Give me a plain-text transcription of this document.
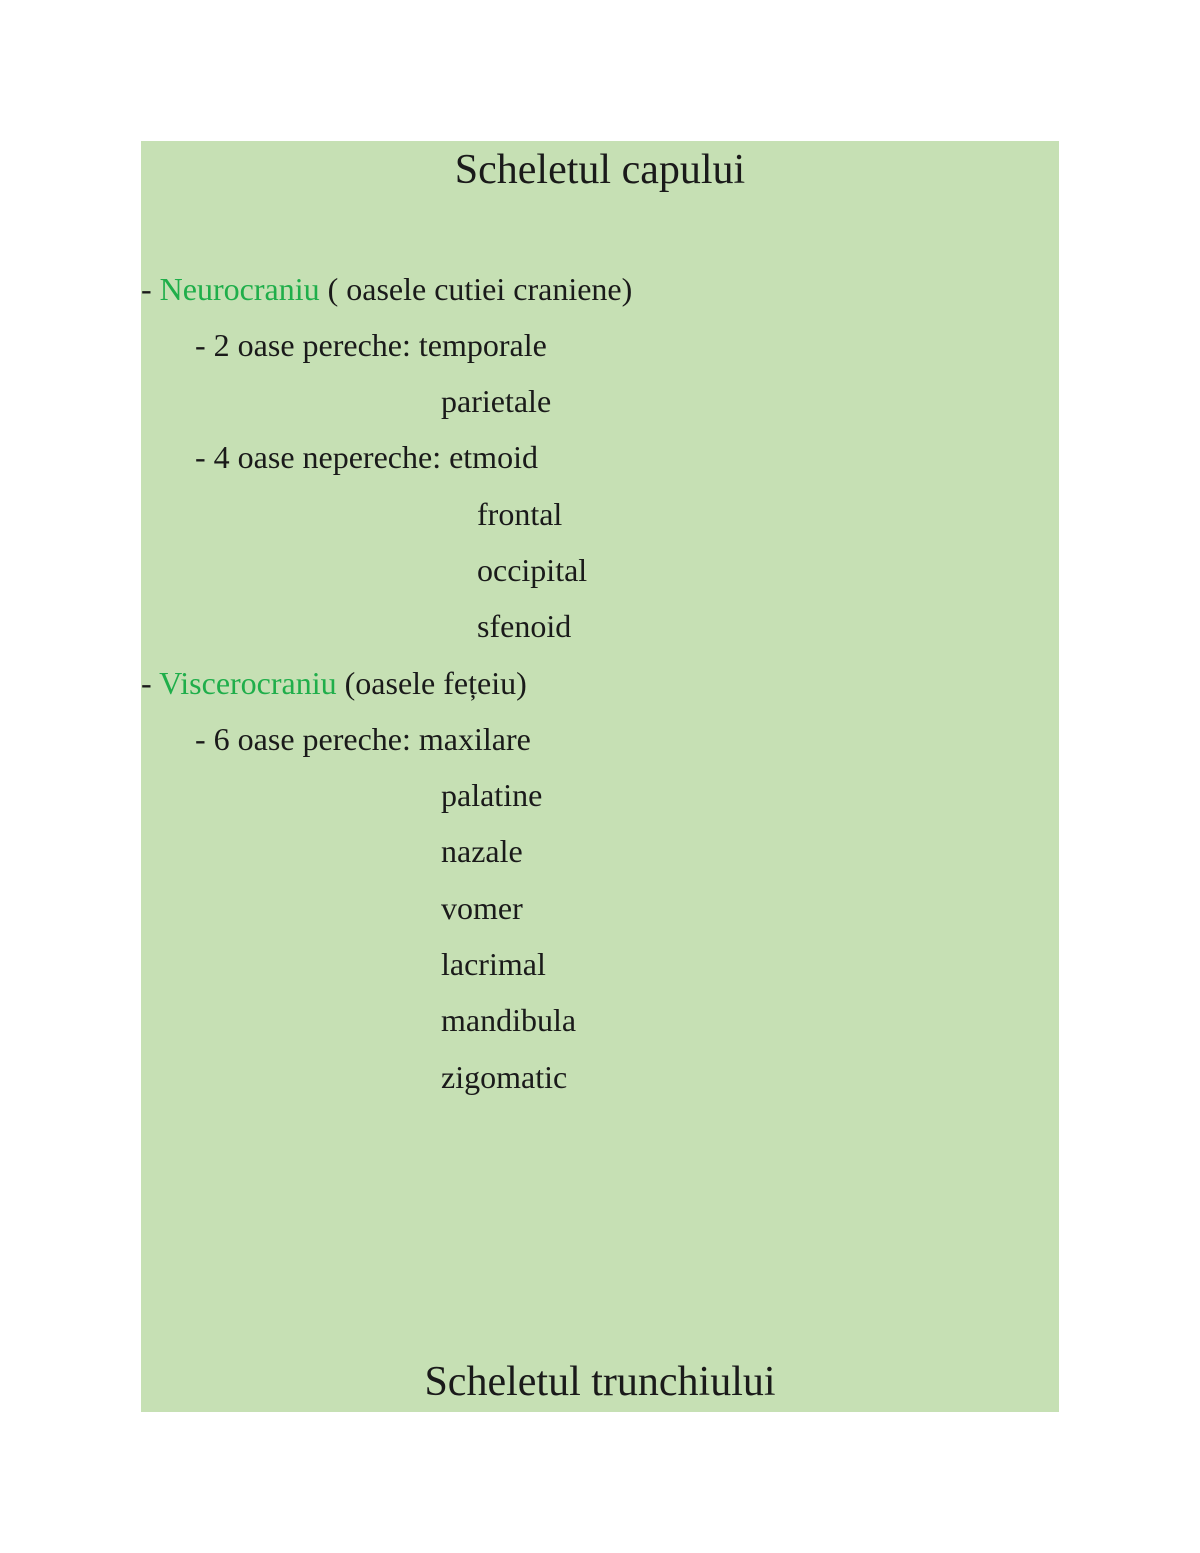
Scheletul capului
- Neurocraniu ( oasele cutiei craniene)
- 2 oase pereche: temporale
parietale
- 4 oase nepereche: etmoid
frontal
occipital
sfenoid
- Viscerocraniu (oasele fețeiu)
- 6 oase pereche: maxilare
palatine
nazale
vomer
lacrimal
mandibula
zigomatic
Scheletul trunchiului
